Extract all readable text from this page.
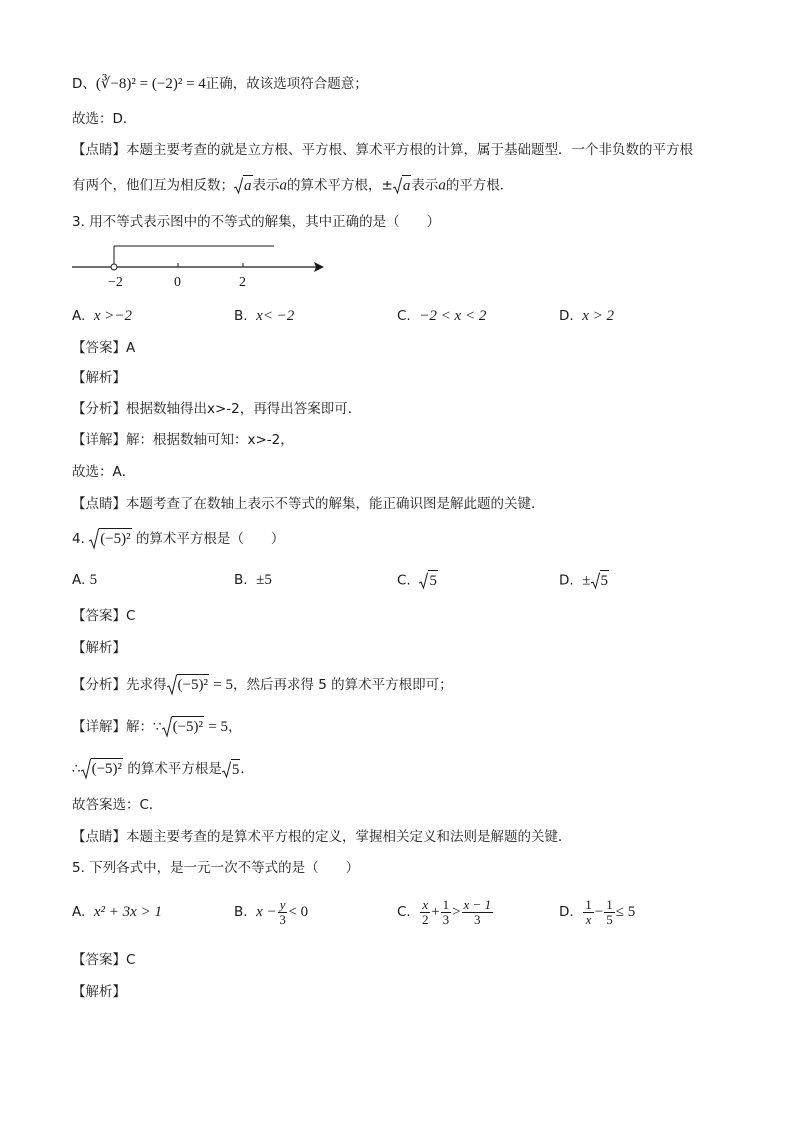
D、(∛−8)² = (−2)² = 4正确，故该选项符合题意；
故选：D．
【点睛】本题主要考查的就是立方根、平方根、算术平方根的计算，属于基础题型．一个非负数的平方根
有两个，他们互为相反数； a表示a的算术平方根，± a表示a的平方根．
3. 用不等式表示图中的不等式的解集，其中正确的是（　　）
−2	0	2
A. x >−2	B. x< −2	C. −2 < x < 2	D. x > 2
【答案】A
【解析】
【分析】根据数轴得出x>-2，再得出答案即可．
【详解】解：根据数轴可知：x>-2，
故选：A．
【点睛】本题考查了在数轴上表示不等式的解集，能正确识图是解此题的关键．
4. (−5)² 的算术平方根是（　　）
A. 5	B. ±5	C. 5	D. ± 5
【答案】C
【解析】
【分析】先求得 (−5)² = 5，然后再求得 5 的算术平方根即可；
【详解】解：∵ (−5)² = 5，
∴ (−5)² 的算术平方根是 5．
故答案选：C．
【点睛】本题主要考查的是算术平方根的定义，掌握相关定义和法则是解题的关键．
5. 下列各式中，是一元一次不等式的是（　　）
A. x² + 3x > 1	B. $x - \frac{y}{3} < 0$	C. $\frac{x}{2} + \frac{1}{3} > \frac{x - 1}{3}$	D. $\frac{1}{x} - \frac{1}{5} \le 5$
【答案】C
【解析】
